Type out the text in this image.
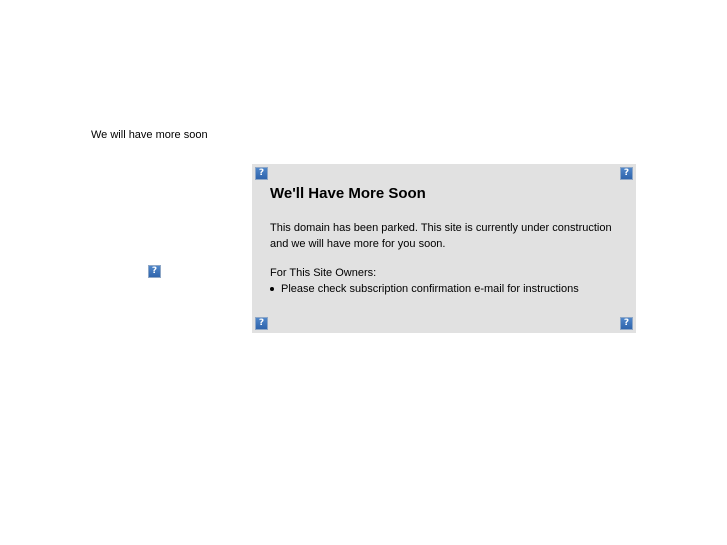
We will have more soon
?
?	?
We'll Have More Soon

This domain has been parked. This site is currently under construction and we will have more for you soon.

For This Site Owners:
Please check subscription confirmation e-mail for instructions
?	?
